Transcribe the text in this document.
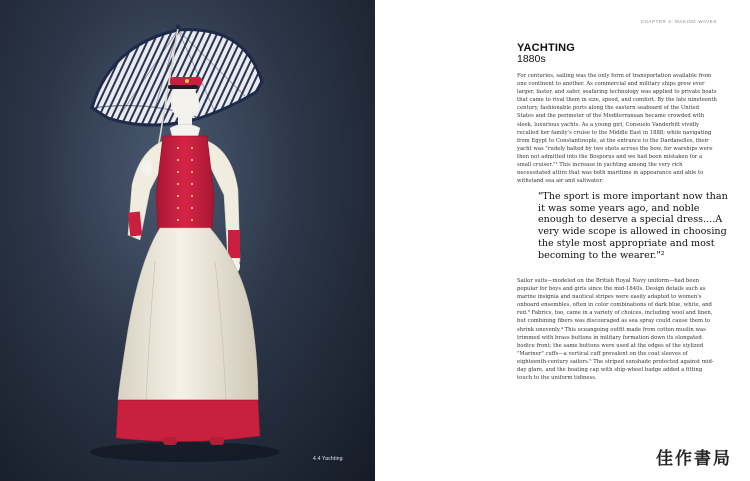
4.4 Yachting
CHAPTER 4: MAKING WAVES
YACHTING
1880s
For centuries, sailing was the only form of transportation available from one continent to another. As commercial and military ships grew ever larger, faster, and safer, seafaring technology was applied to private boats that came to rival them in size, speed, and comfort. By the late nineteenth century, fashionable ports along the eastern seaboard of the United States and the perimeter of the Mediterranean became crowded with sleek, luxurious yachts. As a young girl, Consuelo Vanderbilt vividly recalled her family's cruise to the Middle East in 1888; while navigating from Egypt to Constantinople, at the entrance to the Dardanelles, their yacht was "rudely halted by two shots across the bow, for warships were then not admitted into the Bosporus and we had been mistaken for a small cruiser."¹ This increase in yachting among the very rich necessitated attire that was both maritime in appearance and able to withstand sea air and saltwater:
"The sport is more important now than it was some years ago, and noble enough to deserve a special dress....A very wide scope is allowed in choosing the style most appropriate and most becoming to the wearer."²
Sailor suits—modeled on the British Royal Navy uniform—had been popular for boys and girls since the mid-1840s. Design details such as marine insignia and nautical stripes were easily adapted to women's onboard ensembles, often in color combinations of dark blue, white, and red.³ Fabrics, too, came in a variety of choices, including wool and linen, but combining fibers was discouraged as sea spray could cause them to shrink unevenly.⁴ This oceangoing outfit made from cotton muslin was trimmed with brass buttons in military formation down its elongated bodice front; the same buttons were used at the edges of the stylized "Mariner" cuffs—a vertical cuff prevalent on the coat sleeves of eighteenth-century sailors.⁵ The striped sunshade protected against mid-day glare, and the boating cap with ship-wheel badge added a fitting touch to the uniform tidiness.
佳作書局
